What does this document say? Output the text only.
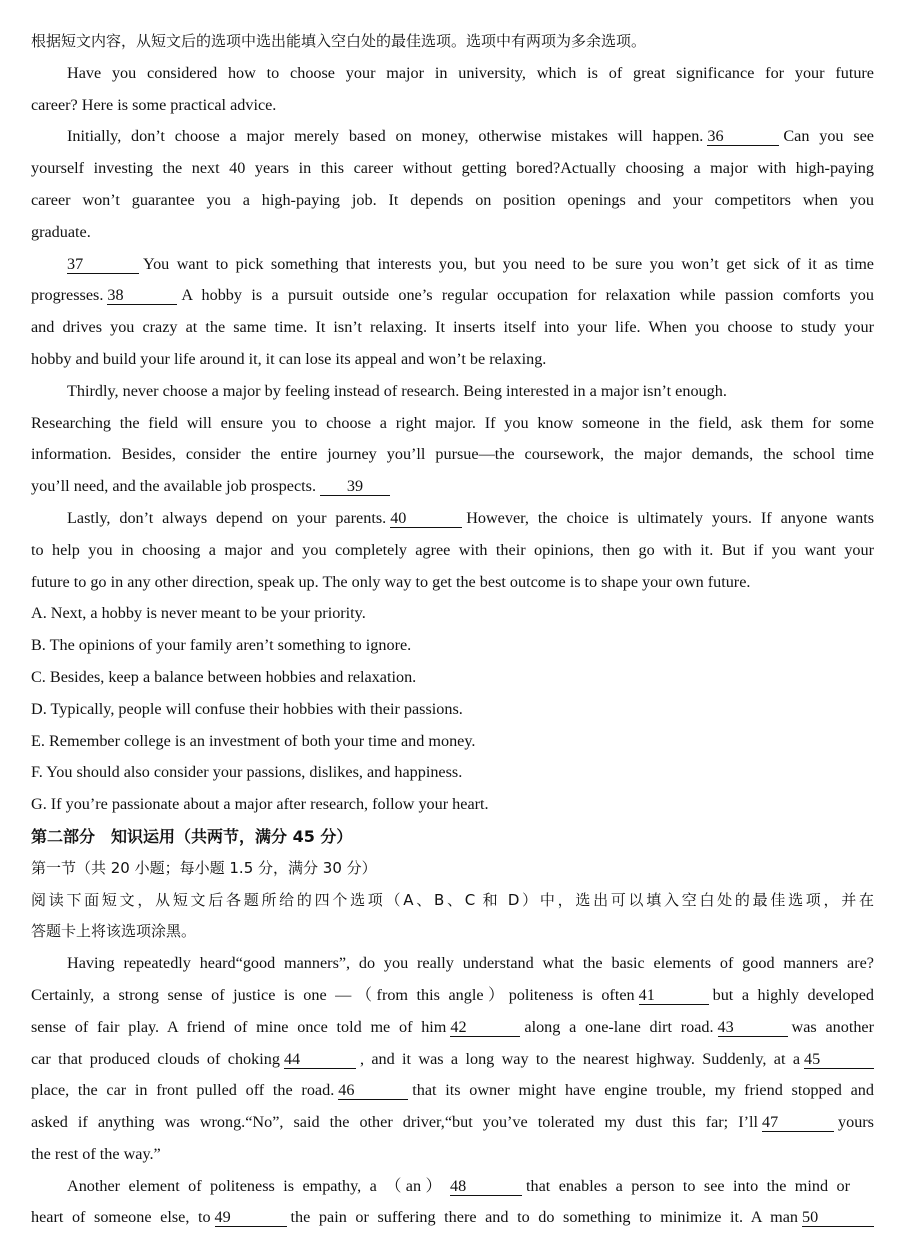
根据短文内容，从短文后的选项中选出能填入空白处的最佳选项。选项中有两项为多余选项。
Have you considered how to choose your major in university, which is of great significance for your future
career? Here is some practical advice.
Initially, don’t choose a major merely based on money, otherwise mistakes will happen. 36	Can you see
yourself investing the next 40 years in this career without getting bored?Actually choosing a major with high-paying
career won’t guarantee you a high-paying job. It depends on position openings and your competitors when you
graduate.
37	You want to pick something that interests you, but you need to be sure you won’t get sick of it as time
progresses. 38	A hobby is a pursuit outside one’s regular occupation for relaxation while passion comforts you
and drives you crazy at the same time. It isn’t relaxing. It inserts itself into your life. When you choose to study your
hobby and build your life around it, it can lose its appeal and won’t be relaxing.
Thirdly, never choose a major by feeling instead of research. Being interested in a major isn’t enough.
Researching the field will ensure you to choose a right major. If you know someone in the field, ask them for some
information. Besides, consider the entire journey you’ll pursue—the coursework, the major demands, the school time
you’ll need, and the available job prospects. 39
Lastly, don’t always depend on your parents. 40	However, the choice is ultimately yours. If anyone wants
to help you in choosing a major and you completely agree with their opinions, then go with it. But if you want your
future to go in any other direction, speak up. The only way to get the best outcome is to shape your own future.
A. Next, a hobby is never meant to be your priority.
B. The opinions of your family aren’t something to ignore.
C. Besides, keep a balance between hobbies and relaxation.
D. Typically, people will confuse their hobbies with their passions.
E. Remember college is an investment of both your time and money.
F. You should also consider your passions, dislikes, and happiness.
G. If you’re passionate about a major after research, follow your heart.
第二部分　知识运用（共两节，满分 45 分）
第一节（共 20 小题；每小题 1.5 分，满分 30 分）
阅读下面短文，从短文后各题所给的四个选项（A、B、C 和 D）中，选出可以填入空白处的最佳选项，并在
答题卡上将该选项涂黑。
Having repeatedly heard“good manners”, do you really understand what the basic elements of good manners are?
Certainly, a strong sense of justice is one —（from this angle）politeness is often 41	but a highly developed
sense of fair play. A friend of mine once told me of him 42	along a one-lane dirt road. 43	was another
car that produced clouds of choking 44	, and it was a long way to the nearest highway. Suddenly, at a 45
place, the car in front pulled off the road. 46	that its owner might have engine trouble, my friend stopped and
asked if anything was wrong.“No”, said the other driver,“but you’ve tolerated my dust this far; I’ll 47	yours
the rest of the way.”
Another element of politeness is empathy, a （an） 48	that enables a person to see into the mind or
heart of someone else, to 49	the pain or suffering there and to do something to minimize it. A man 50
